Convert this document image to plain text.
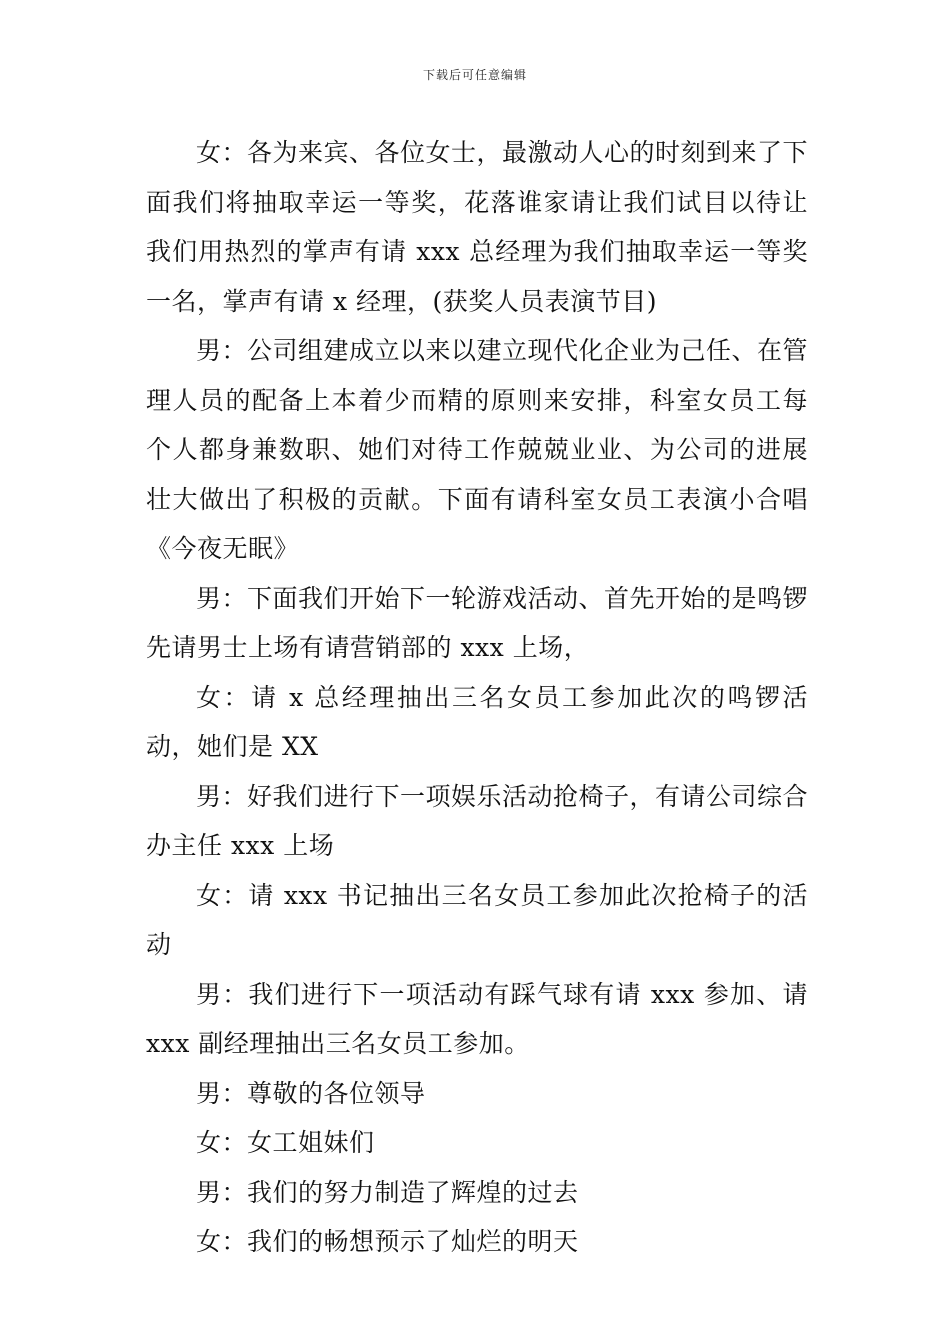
下载后可任意编辑

女：各为来宾、各位女士，最激动人心的时刻到来了下面我们将抽取幸运一等奖，花落谁家请让我们试目以待让我们用热烈的掌声有请 xxx 总经理为我们抽取幸运一等奖一名，掌声有请 x 经理，(获奖人员表演节目)

男：公司组建成立以来以建立现代化企业为己任、在管理人员的配备上本着少而精的原则来安排，科室女员工每个人都身兼数职、她们对待工作兢兢业业、为公司的进展壮大做出了积极的贡献。下面有请科室女员工表演小合唱《今夜无眠》

男：下面我们开始下一轮游戏活动、首先开始的是鸣锣先请男士上场有请营销部的 xxx 上场，

女：请 x 总经理抽出三名女员工参加此次的鸣锣活动，她们是 XX

男：好我们进行下一项娱乐活动抢椅子，有请公司综合办主任 xxx 上场

女：请 xxx 书记抽出三名女员工参加此次抢椅子的活动

男：我们进行下一项活动有踩气球有请 xxx 参加、请 xxx 副经理抽出三名女员工参加。

男：尊敬的各位领导

女：女工姐妹们

男：我们的努力制造了辉煌的过去

女：我们的畅想预示了灿烂的明天
